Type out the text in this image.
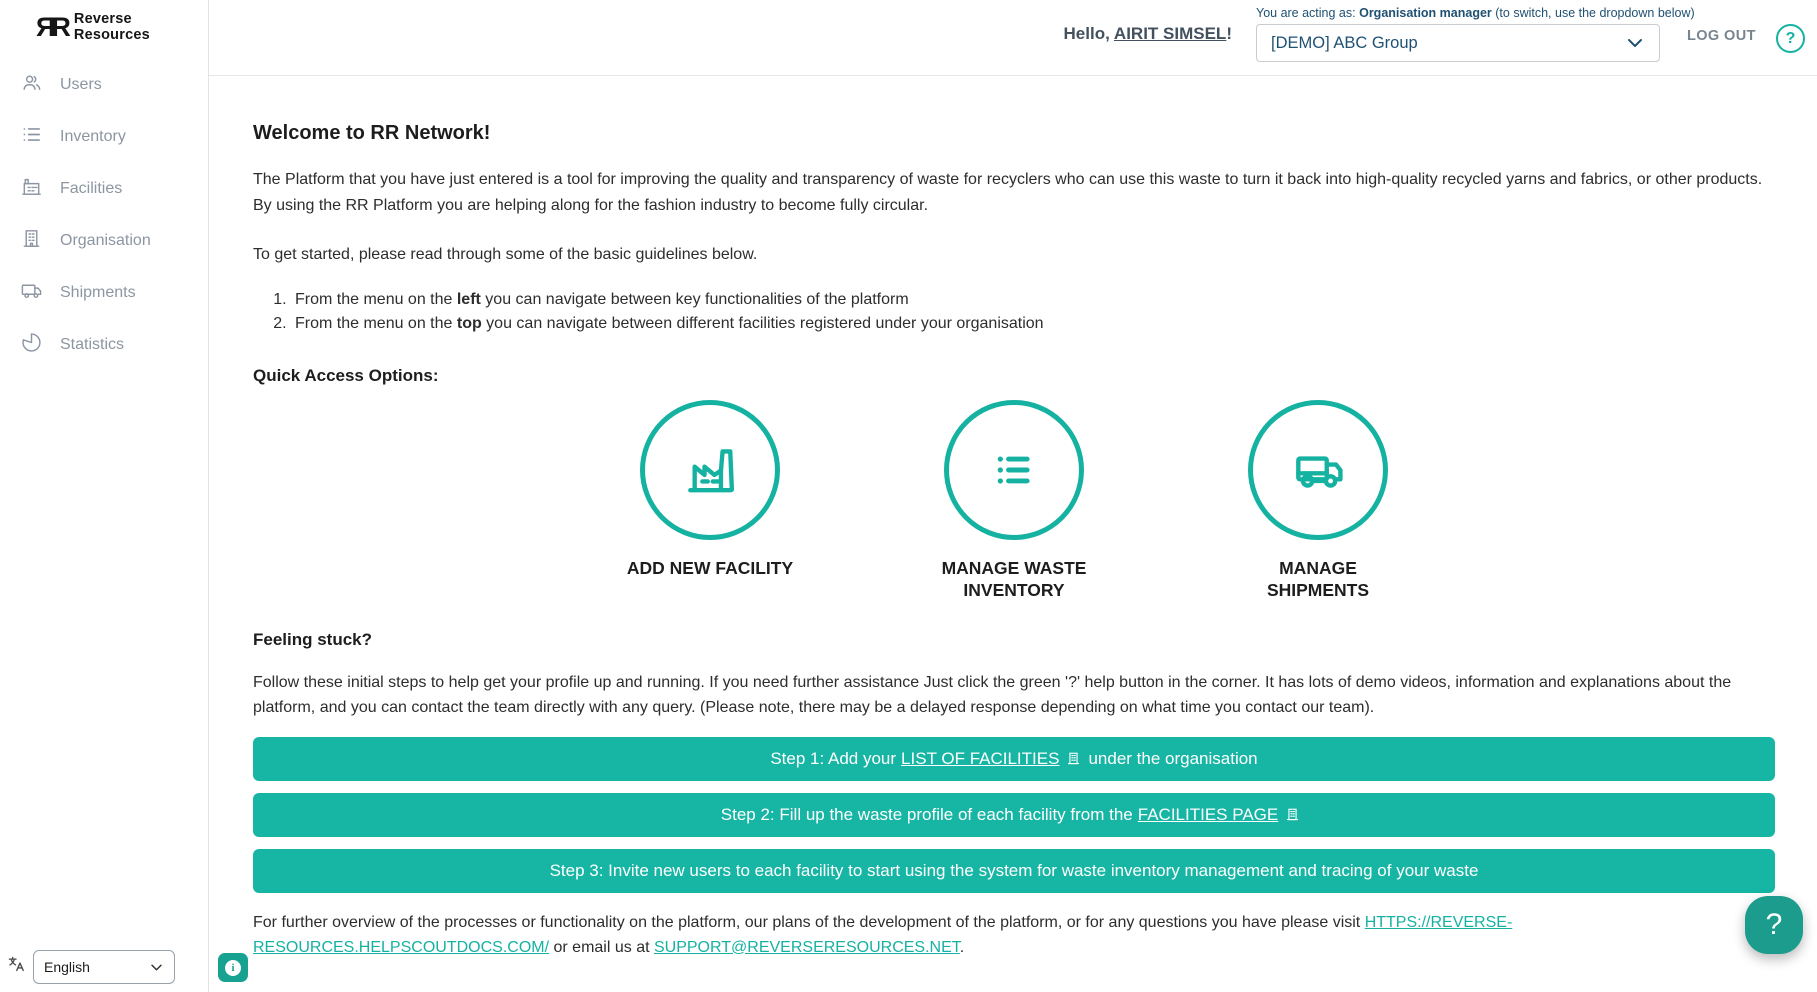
ЯR Reverse
Resources
Users
Inventory
Facilities
Organisation
Shipments
Statistics
English
Hello, AIRIT SIMSEL!
You are acting as: Organisation manager (to switch, use the dropdown below)
[DEMO] ABC Group	LOG OUT	?
Welcome to RR Network!

The Platform that you have just entered is a tool for improving the quality and transparency of waste for recyclers who can use this waste to turn it back into high-quality recycled yarns and fabrics, or other products. By using the RR Platform you are helping along for the fashion industry to become fully circular.

To get started, please read through some of the basic guidelines below.

1. From the menu on the left you can navigate between key functionalities of the platform
2. From the menu on the top you can navigate between different facilities registered under your organisation
Quick Access Options:
ADD NEW FACILITY	MANAGE WASTE INVENTORY
MANAGE SHIPMENTS
Feeling stuck?

Follow these initial steps to help get your profile up and running. If you need further assistance Just click the green '?' help button in the corner. It has lots of demo videos, information and explanations about the platform, and you can contact the team directly with any query. (Please note, there may be a delayed response depending on what time you contact our team).

Step 1: Add your LIST OF FACILITIES under the organisation
Step 2: Fill up the waste profile of each facility from the FACILITIES PAGE
Step 3: Invite new users to each facility to start using the system for waste inventory management and tracing of your waste

For further overview of the processes or functionality on the platform, our plans of the development of the platform, or for any questions you have please visit HTTPS://REVERSE-RESOURCES.HELPSCOUTDOCS.COM/ or email us at SUPPORT@REVERSERESOURCES.NET.

i
?
